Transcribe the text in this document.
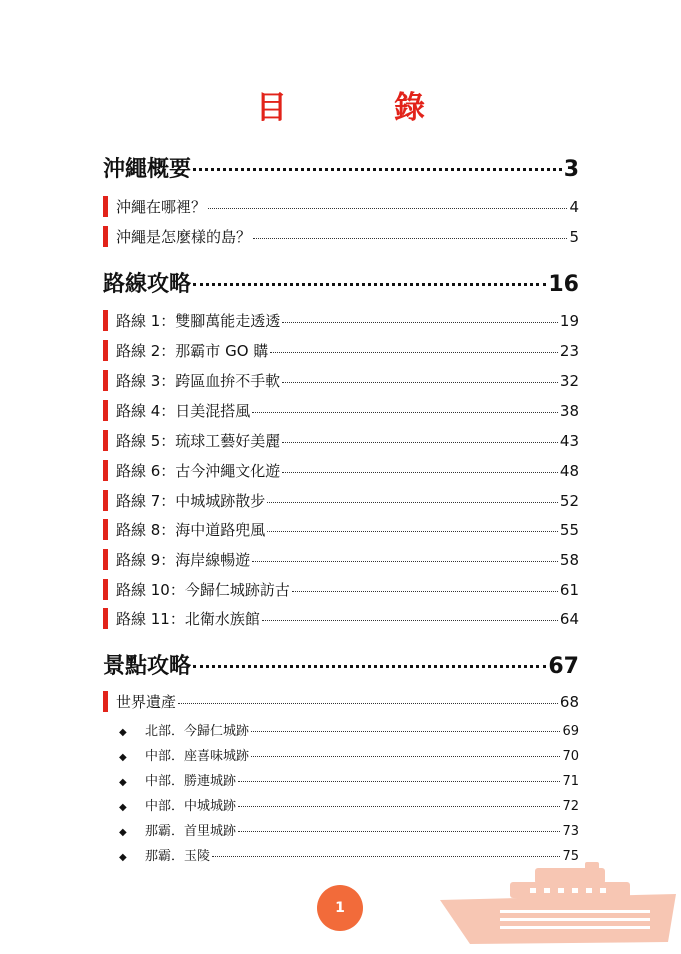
目　錄
沖繩概要	3
沖繩在哪裡？	4
沖繩是怎麼樣的島？	5
路線攻略	16
路線 1：雙腳萬能走透透	19
路線 2：那霸市 GO 購	23
路線 3：跨區血拚不手軟	32
路線 4：日美混搭風	38
路線 5：琉球工藝好美麗	43
路線 6：古今沖繩文化遊	48
路線 7：中城城跡散步	52
路線 8：海中道路兜風	55
路線 9：海岸線暢遊	58
路線 10：今歸仁城跡訪古	61
路線 11：北衛水族館	64
景點攻略	67
世界遺產	68
◆ 北部．今歸仁城跡	69
◆ 中部．座喜味城跡	70
◆ 中部．勝連城跡	71
◆ 中部．中城城跡	72
◆ 那霸．首里城跡	73
◆ 那霸．玉陵	75
1
